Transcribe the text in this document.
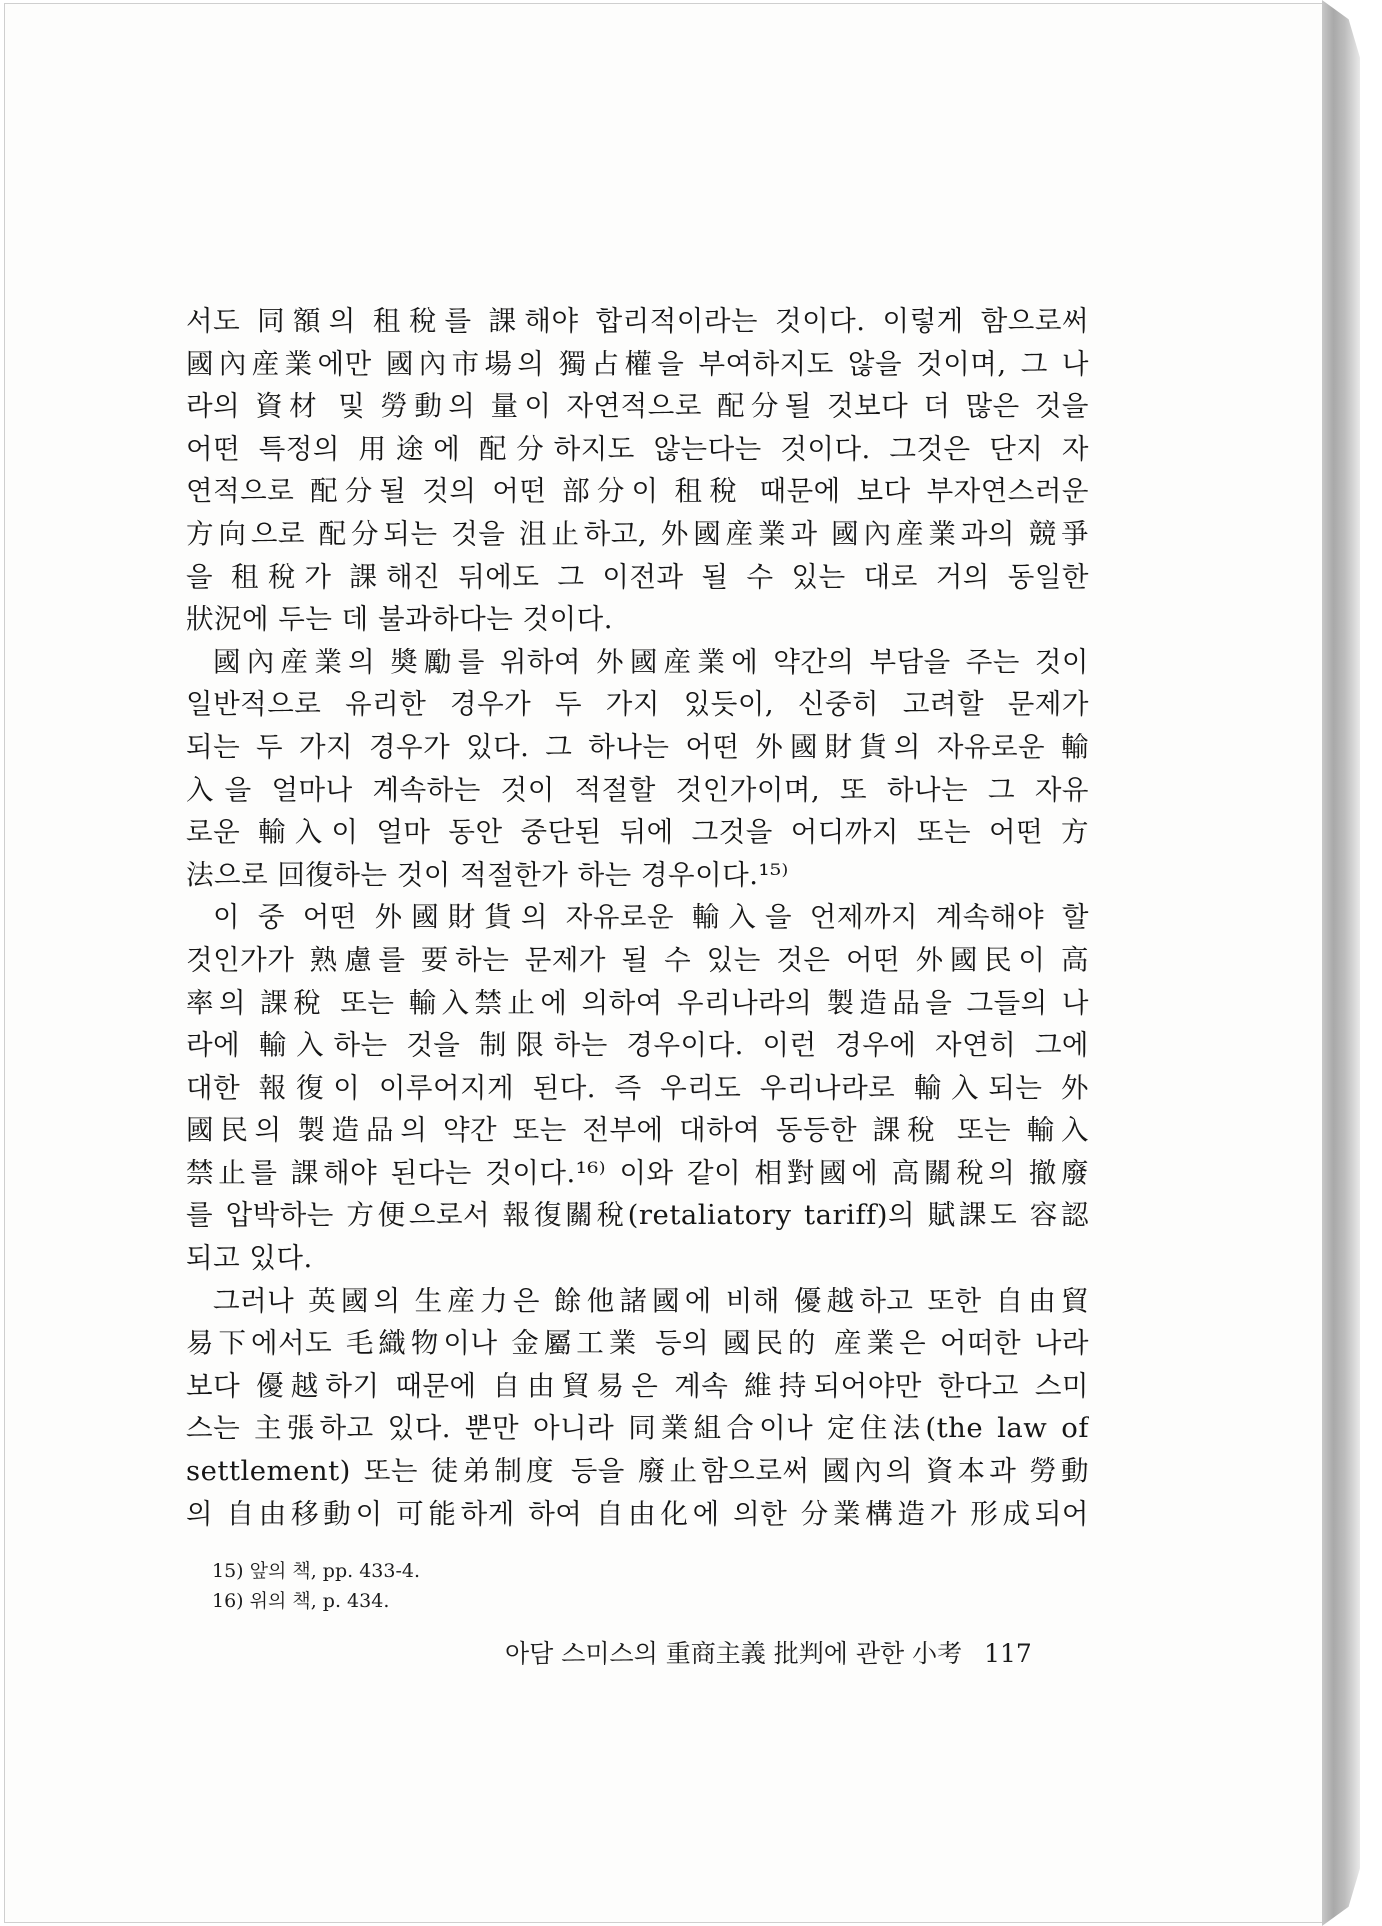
서도 同額의 租稅를 課해야 합리적이라는 것이다. 이렇게 함으로써
國內産業에만 國內市場의 獨占權을 부여하지도 않을 것이며, 그 나
라의 資材 및 勞動의 量이 자연적으로 配分될 것보다 더 많은 것을
어떤 특정의 用途에 配分하지도 않는다는 것이다. 그것은 단지 자
연적으로 配分될 것의 어떤 部分이 租稅 때문에 보다 부자연스러운
方向으로 配分되는 것을 沮止하고, 外國産業과 國內産業과의 競爭
을 租稅가 課해진 뒤에도 그 이전과 될 수 있는 대로 거의 동일한
狀況에 두는 데 불과하다는 것이다.
國內産業의 奬勵를 위하여 外國産業에 약간의 부담을 주는 것이
일반적으로 유리한 경우가 두 가지 있듯이, 신중히 고려할 문제가
되는 두 가지 경우가 있다. 그 하나는 어떤 外國財貨의 자유로운 輸
入을 얼마나 계속하는 것이 적절할 것인가이며, 또 하나는 그 자유
로운 輸入이 얼마 동안 중단된 뒤에 그것을 어디까지 또는 어떤 方
法으로 回復하는 것이 적절한가 하는 경우이다.¹⁵⁾
이 중 어떤 外國財貨의 자유로운 輸入을 언제까지 계속해야 할
것인가가 熟慮를 要하는 문제가 될 수 있는 것은 어떤 外國民이 高
率의 課稅 또는 輸入禁止에 의하여 우리나라의 製造品을 그들의 나
라에 輸入하는 것을 制限하는 경우이다. 이런 경우에 자연히 그에
대한 報復이 이루어지게 된다. 즉 우리도 우리나라로 輸入되는 外
國民의 製造品의 약간 또는 전부에 대하여 동등한 課稅 또는 輸入
禁止를 課해야 된다는 것이다.¹⁶⁾ 이와 같이 相對國에 高關稅의 撤廢
를 압박하는 方便으로서 報復關稅(retaliatory tariff)의 賦課도 容認
되고 있다.
그러나 英國의 生産力은 餘他諸國에 비해 優越하고 또한 自由貿
易下에서도 毛織物이나 金屬工業 등의 國民的 産業은 어떠한 나라
보다 優越하기 때문에 自由貿易은 계속 維持되어야만 한다고 스미
스는 主張하고 있다. 뿐만 아니라 同業組合이나 定住法(the law of
settlement) 또는 徒弟制度 등을 廢止함으로써 國內의 資本과 勞動
의 自由移動이 可能하게 하여 自由化에 의한 分業構造가 形成되어
15) 앞의 책, pp. 433-4.
16) 위의 책, p. 434.
아담 스미스의 重商主義 批判에 관한 小考 117
